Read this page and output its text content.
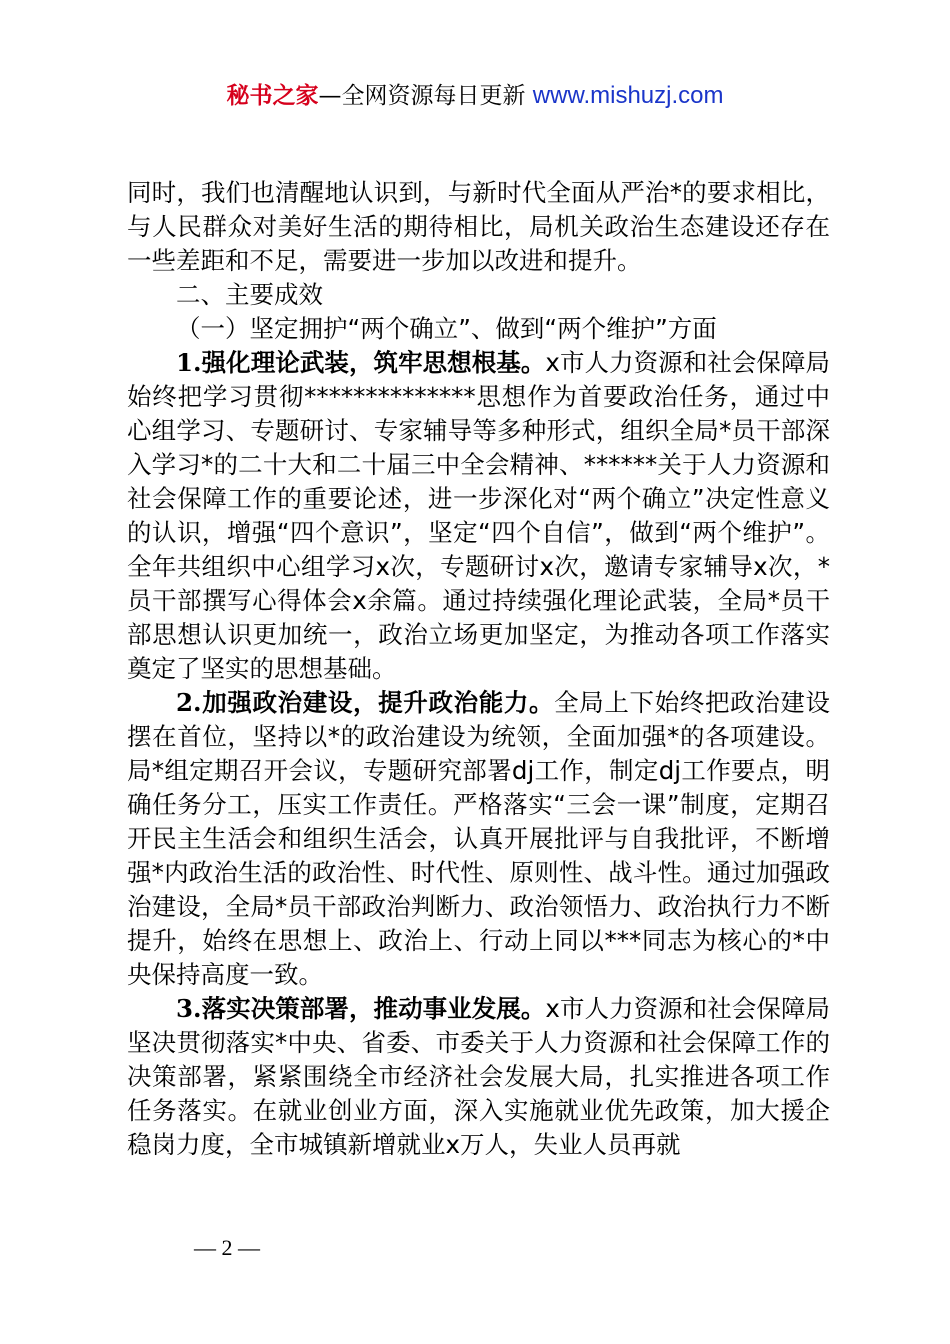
秘书之家—全网资源每日更新 www.mishuzj.com

同时，我们也清醒地认识到，与新时代全面从严治*的要求相比，与人民群众对美好生活的期待相比，局机关政治生态建设还存在一些差距和不足，需要进一步加以改进和提升。

二、主要成效

（一）坚定拥护“两个确立”、做到“两个维护”方面

1.强化理论武装，筑牢思想根基。x市人力资源和社会保障局始终把学习贯彻**************思想作为首要政治任务，通过中心组学习、专题研讨、专家辅导等多种形式，组织全局*员干部深入学习*的二十大和二十届三中全会精神、******关于人力资源和社会保障工作的重要论述，进一步深化对“两个确立”决定性意义的认识，增强“四个意识”，坚定“四个自信”，做到“两个维护”。全年共组织中心组学习x次，专题研讨x次，邀请专家辅导x次，*员干部撰写心得体会x余篇。通过持续强化理论武装，全局*员干部思想认识更加统一，政治立场更加坚定，为推动各项工作落实奠定了坚实的思想基础。

2.加强政治建设，提升政治能力。全局上下始终把政治建设摆在首位，坚持以*的政治建设为统领，全面加强*的各项建设。局*组定期召开会议，专题研究部署dj工作，制定dj工作要点，明确任务分工，压实工作责任。严格落实“三会一课”制度，定期召开民主生活会和组织生活会，认真开展批评与自我批评，不断增强*内政治生活的政治性、时代性、原则性、战斗性。通过加强政治建设，全局*员干部政治判断力、政治领悟力、政治执行力不断提升，始终在思想上、政治上、行动上同以***同志为核心的*中央保持高度一致。

3.落实决策部署，推动事业发展。x市人力资源和社会保障局坚决贯彻落实*中央、省委、市委关于人力资源和社会保障工作的决策部署，紧紧围绕全市经济社会发展大局，扎实推进各项工作任务落实。在就业创业方面，深入实施就业优先政策，加大援企稳岗力度，全市城镇新增就业x万人，失业人员再就

— 2 —
